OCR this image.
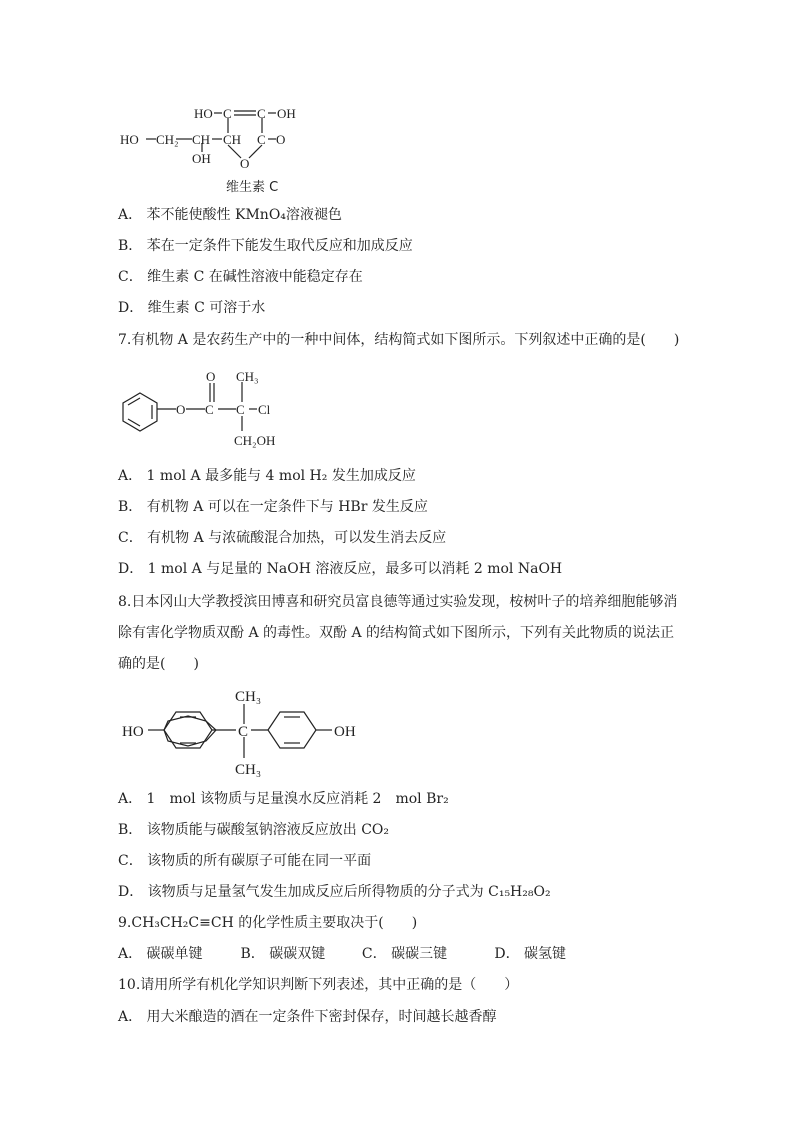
HO CH₂ CH
OH
HO C C OH
CH C O
O
维生素 C
A． 苯不能使酸性 KMnO₄溶液褪色
B． 苯在一定条件下能发生取代反应和加成反应
C． 维生素 C 在碱性溶液中能稳定存在
D． 维生素 C 可溶于水
7.有机物 A 是农药生产中的一种中间体，结构简式如下图所示。下列叙述中正确的是(　　)
O CH₃
O C C Cl
CH₂OH
A． 1 mol A 最多能与 4 mol H₂ 发生加成反应
B． 有机物 A 可以在一定条件下与 HBr 发生反应
C． 有机物 A 与浓硫酸混合加热，可以发生消去反应
D． 1 mol A 与足量的 NaOH 溶液反应，最多可以消耗 2 mol NaOH
8.日本冈山大学教授滨田博喜和研究员富良德等通过实验发现，桉树叶子的培养细胞能够消
除有害化学物质双酚 A 的毒性。双酚 A 的结构简式如下图所示，下列有关此物质的说法正
确的是(　　)
HO	C
CH₃
CH₃
OH
A． 1　mol 该物质与足量溴水反应消耗 2　mol Br₂
B． 该物质能与碳酸氢钠溶液反应放出 CO₂
C． 该物质的所有碳原子可能在同一平面
D． 该物质与足量氢气发生加成反应后所得物质的分子式为 C₁₅H₂₈O₂
9.CH₃CH₂C≡CH 的化学性质主要取决于(　　)
A． 碳碳单键	B． 碳碳双键	C． 碳碳三键	D． 碳氢键
10.请用所学有机化学知识判断下列表述，其中正确的是（　　）
A． 用大米酿造的酒在一定条件下密封保存，时间越长越香醇
